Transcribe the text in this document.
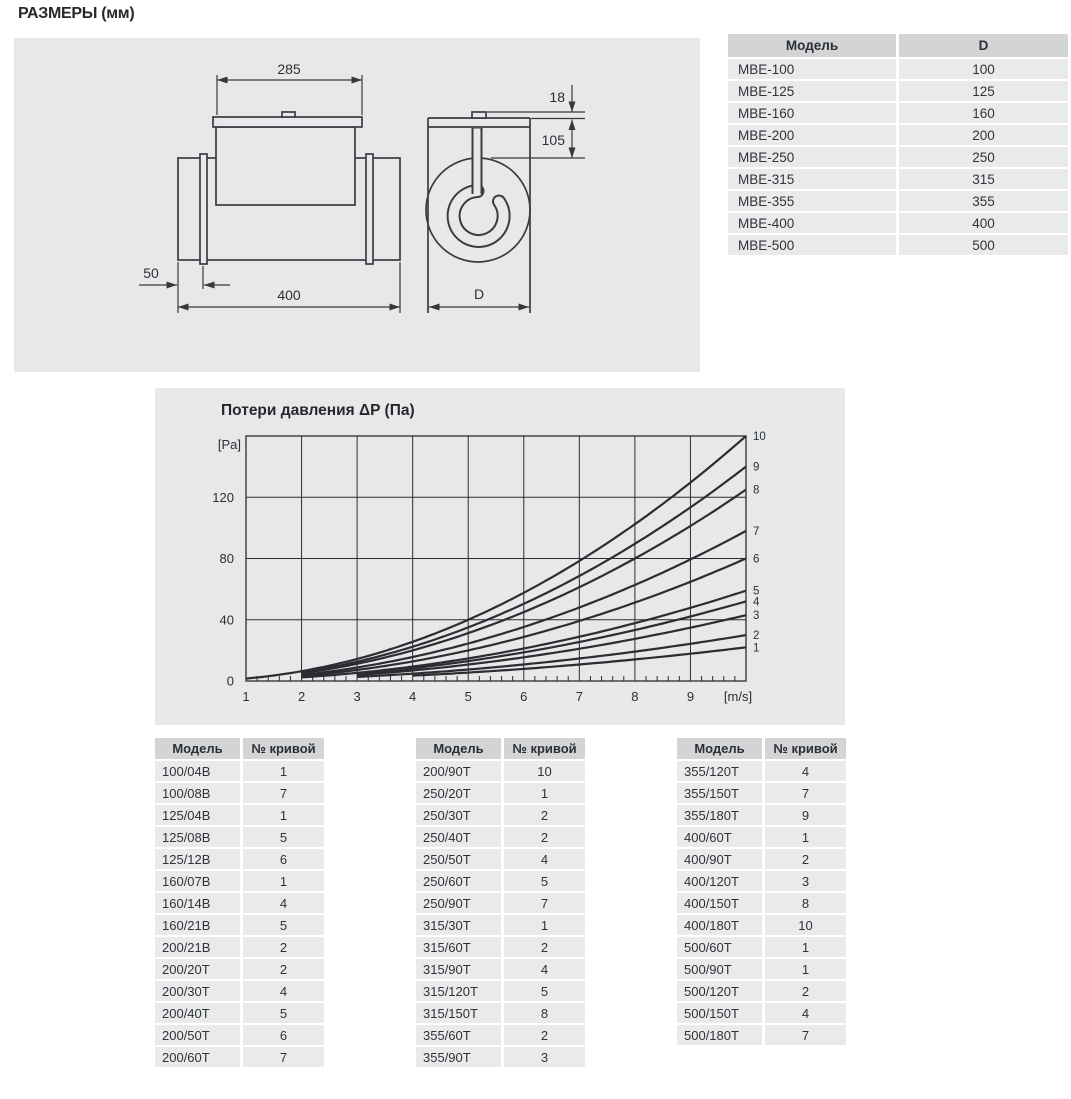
РАЗМЕРЫ (мм)
285
400
50
18
105
D
Модель	D
MBE-100	100
MBE-125	125
MBE-160	160
MBE-200	200
MBE-250	250
MBE-315	315
MBE-355	355
MBE-400	400
MBE-500	500
Потери давления ΔP (Па)
1	2	3	4	5	6	7	8	9 [m/s]
0
40
80
120
[Pa]
1
2
3
4
5
6
7
8
9
10
Модель	№ кривой
100/04B	1
100/08B	7
125/04B	1
125/08B	5
125/12B	6
160/07B	1
160/14B	4
160/21B	5
200/21B	2
200/20T	2
200/30T	4
200/40T	5
200/50T	6
200/60T	7
Модель	№ кривой
200/90T	10
250/20T	1
250/30T	2
250/40T	2
250/50T	4
250/60T	5
250/90T	7
315/30T	1
315/60T	2
315/90T	4
315/120T	5
315/150T	8
355/60T	2
355/90T	3
Модель	№ кривой
355/120T	4
355/150T	7
355/180T	9
400/60T	1
400/90T	2
400/120T	3
400/150T	8
400/180T	10
500/60T	1
500/90T	1
500/120T	2
500/150T	4
500/180T	7
